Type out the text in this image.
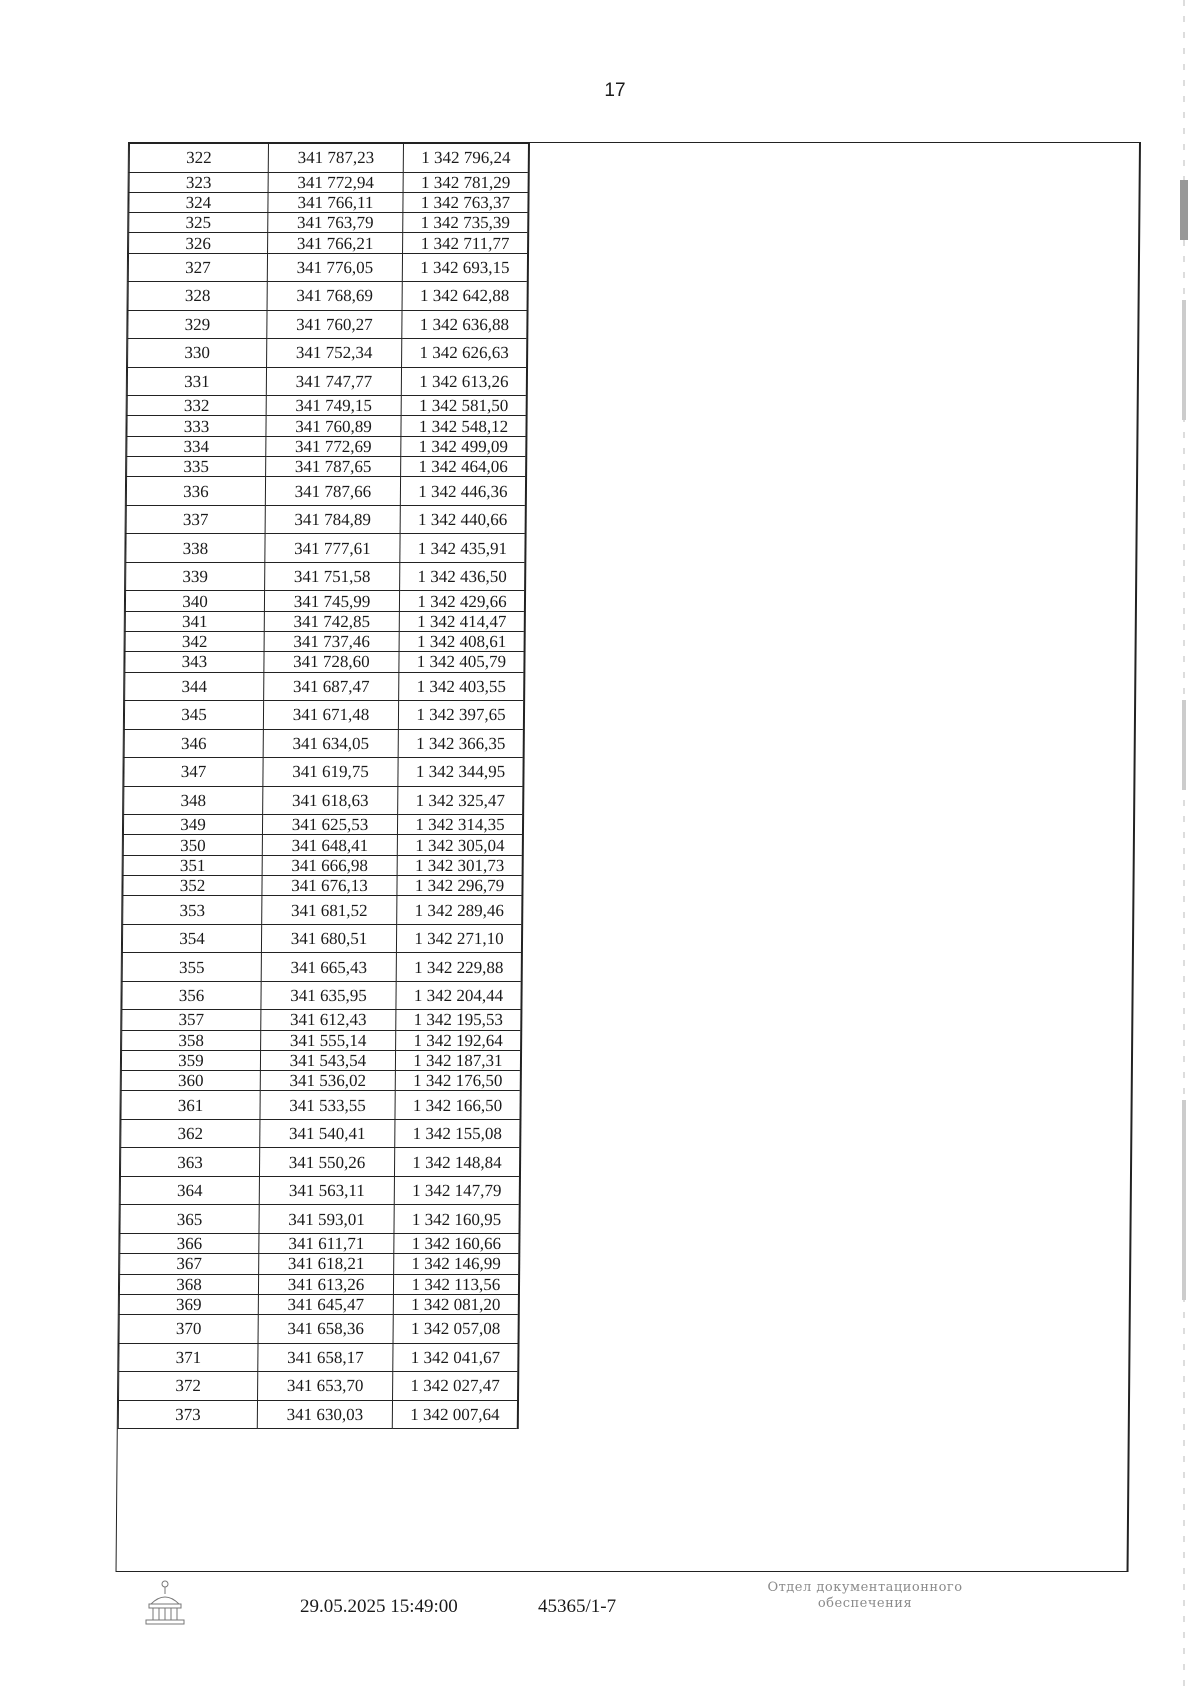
17
322	341 787,23	1 342 796,24
323	341 772,94	1 342 781,29
324	341 766,11	1 342 763,37
325	341 763,79	1 342 735,39
326	341 766,21	1 342 711,77
327	341 776,05	1 342 693,15
328	341 768,69	1 342 642,88
329	341 760,27	1 342 636,88
330	341 752,34	1 342 626,63
331	341 747,77	1 342 613,26
332	341 749,15	1 342 581,50
333	341 760,89	1 342 548,12
334	341 772,69	1 342 499,09
335	341 787,65	1 342 464,06
336	341 787,66	1 342 446,36
337	341 784,89	1 342 440,66
338	341 777,61	1 342 435,91
339	341 751,58	1 342 436,50
340	341 745,99	1 342 429,66
341	341 742,85	1 342 414,47
342	341 737,46	1 342 408,61
343	341 728,60	1 342 405,79
344	341 687,47	1 342 403,55
345	341 671,48	1 342 397,65
346	341 634,05	1 342 366,35
347	341 619,75	1 342 344,95
348	341 618,63	1 342 325,47
349	341 625,53	1 342 314,35
350	341 648,41	1 342 305,04
351	341 666,98	1 342 301,73
352	341 676,13	1 342 296,79
353	341 681,52	1 342 289,46
354	341 680,51	1 342 271,10
355	341 665,43	1 342 229,88
356	341 635,95	1 342 204,44
357	341 612,43	1 342 195,53
358	341 555,14	1 342 192,64
359	341 543,54	1 342 187,31
360	341 536,02	1 342 176,50
361	341 533,55	1 342 166,50
362	341 540,41	1 342 155,08
363	341 550,26	1 342 148,84
364	341 563,11	1 342 147,79
365	341 593,01	1 342 160,95
366	341 611,71	1 342 160,66
367	341 618,21	1 342 146,99
368	341 613,26	1 342 113,56
369	341 645,47	1 342 081,20
370	341 658,36	1 342 057,08
371	341 658,17	1 342 041,67
372	341 653,70	1 342 027,47
373	341 630,03	1 342 007,64
29.05.2025 15:49:00	45365/1-7
Отдел документационного
обеспечения
